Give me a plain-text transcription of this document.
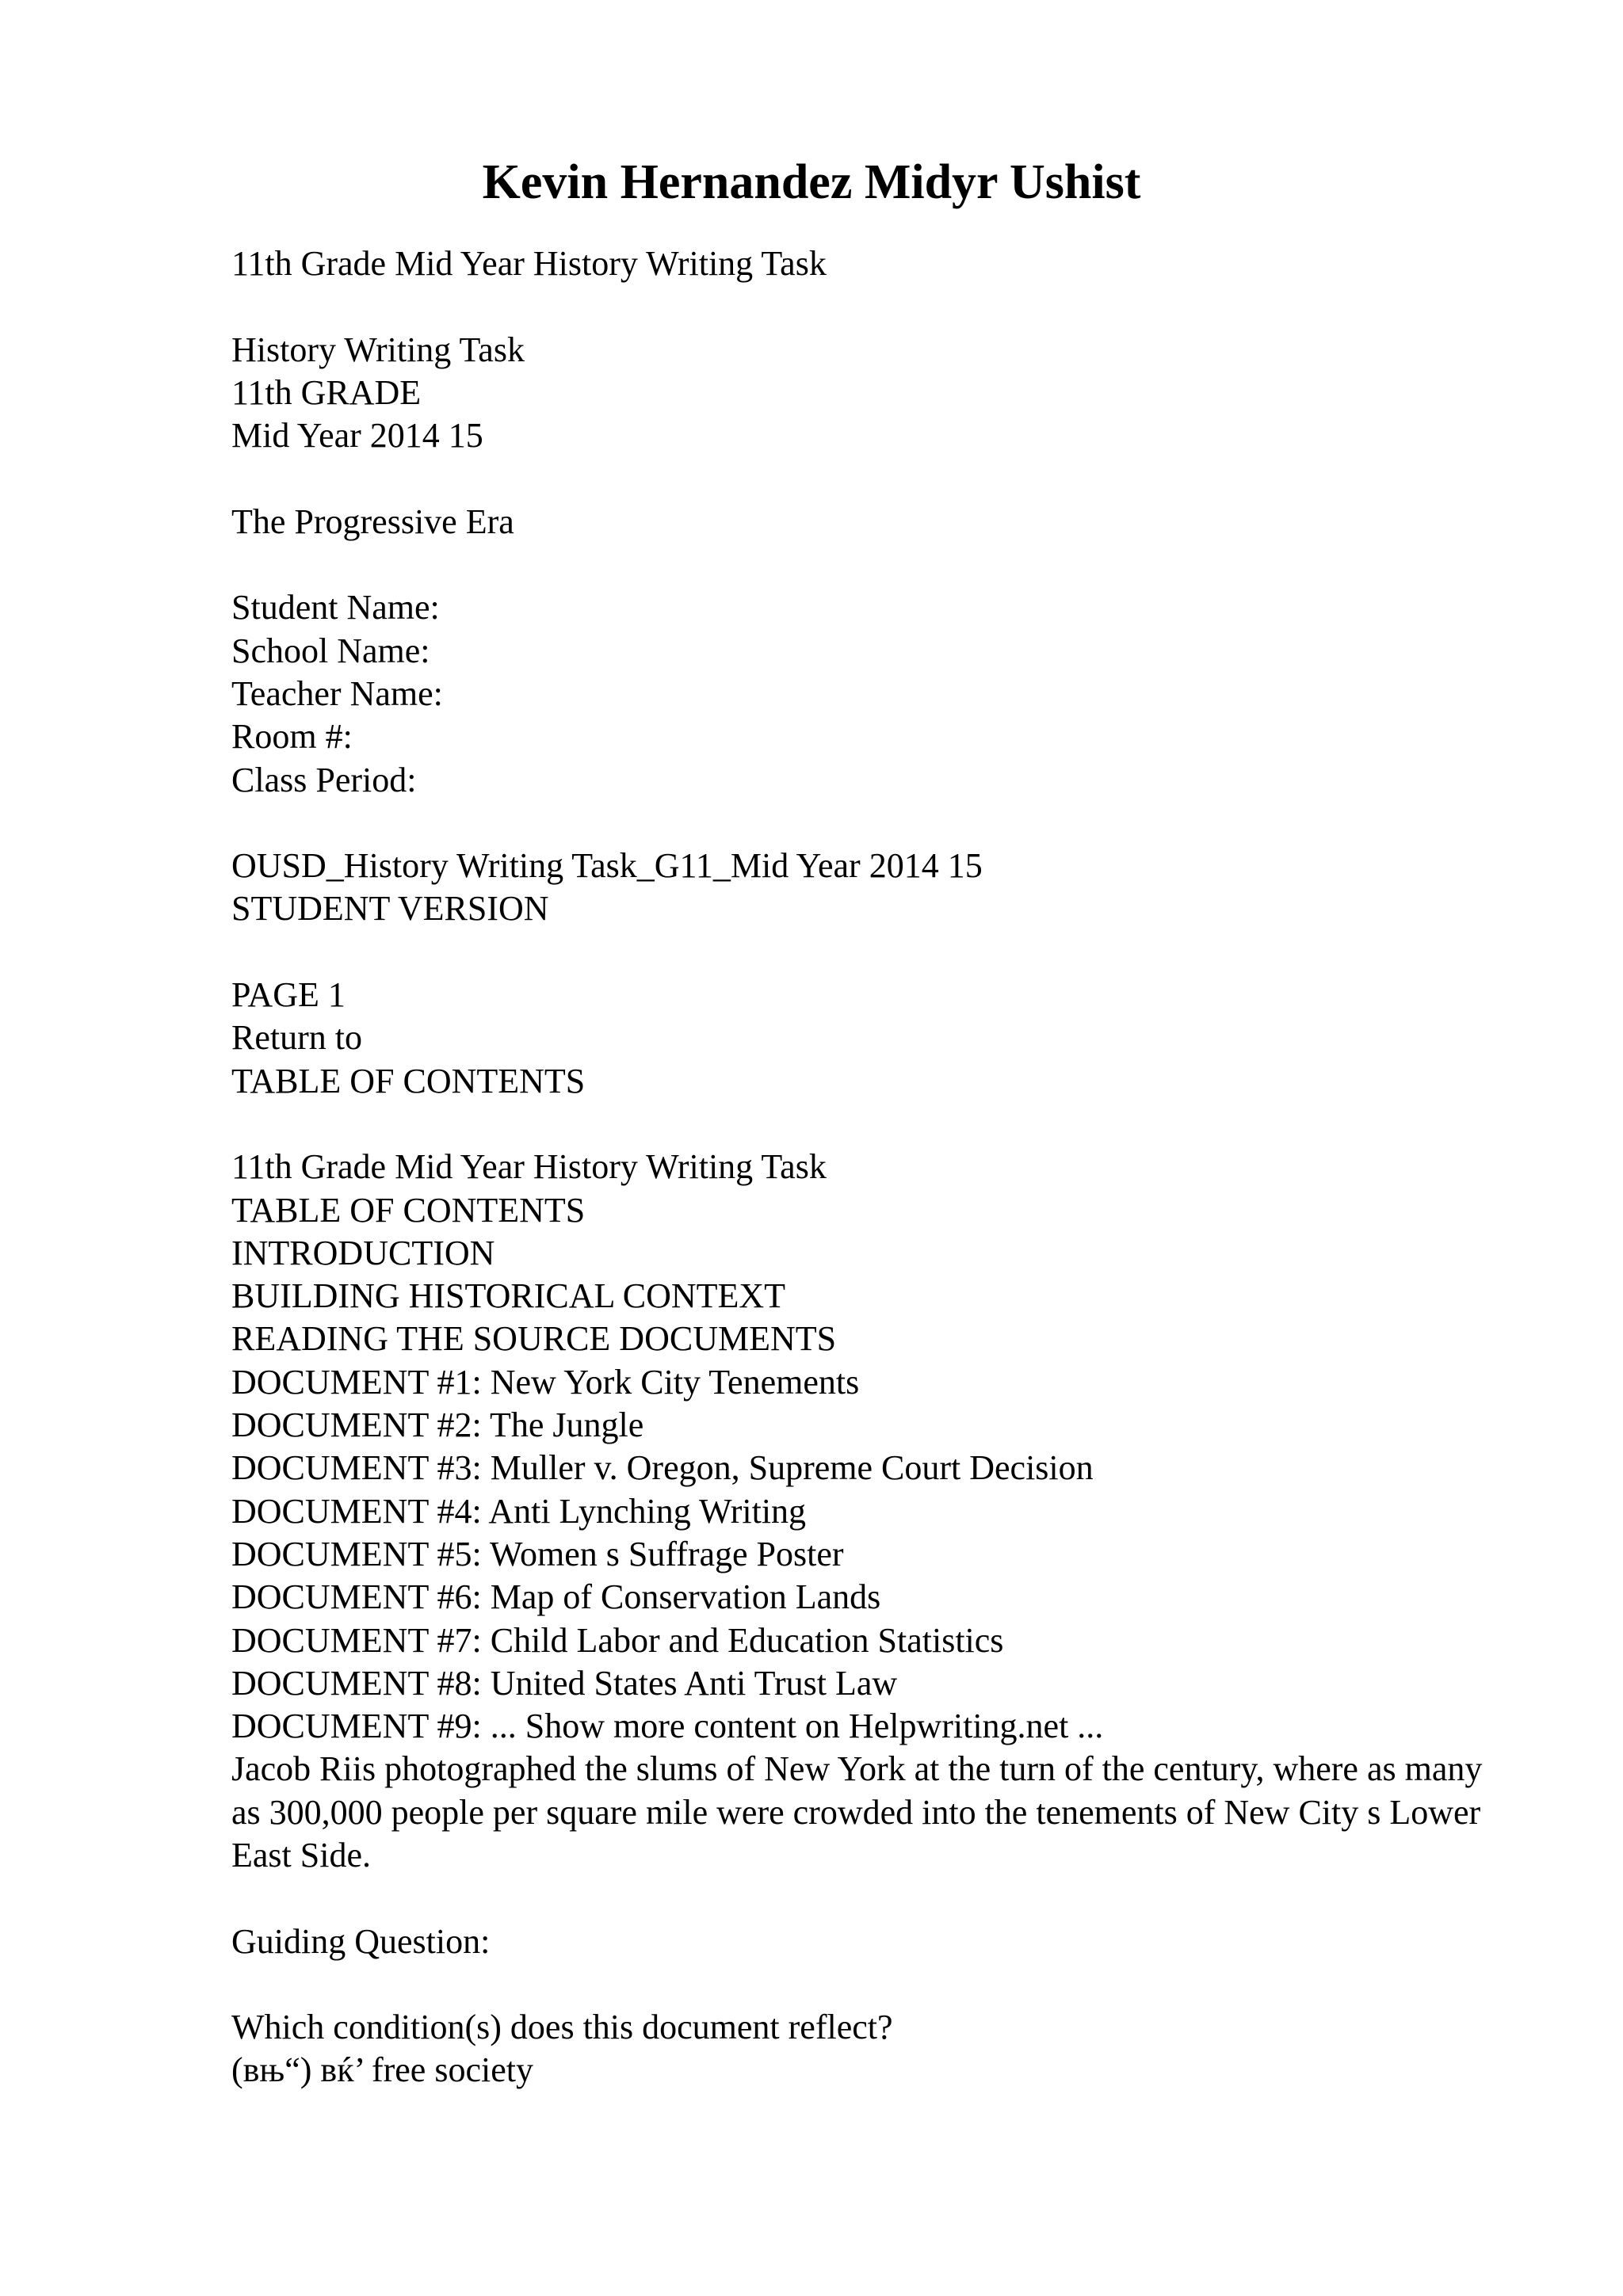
Kevin Hernandez Midyr Ushist
11th Grade Mid Year History Writing Task
History Writing Task
11th GRADE
Mid Year 2014 15
The Progressive Era
Student Name:
School Name:
Teacher Name:
Room #:
Class Period:
OUSD_History Writing Task_G11_Mid Year 2014 15
STUDENT VERSION
PAGE 1
Return to
TABLE OF CONTENTS
11th Grade Mid Year History Writing Task
TABLE OF CONTENTS
INTRODUCTION
BUILDING HISTORICAL CONTEXT
READING THE SOURCE DOCUMENTS
DOCUMENT #1: New York City Tenements
DOCUMENT #2: The Jungle
DOCUMENT #3: Muller v. Oregon, Supreme Court Decision
DOCUMENT #4: Anti Lynching Writing
DOCUMENT #5: Women s Suffrage Poster
DOCUMENT #6: Map of Conservation Lands
DOCUMENT #7: Child Labor and Education Statistics
DOCUMENT #8: United States Anti Trust Law
DOCUMENT #9: ... Show more content on Helpwriting.net ...
Jacob Riis photographed the slums of New York at the turn of the century, where as many as 300,000 people per square mile were crowded into the tenements of New City s Lower East Side.
Guiding Question:
Which condition(s) does this document reflect?
(вњ“) вќ’ free society
